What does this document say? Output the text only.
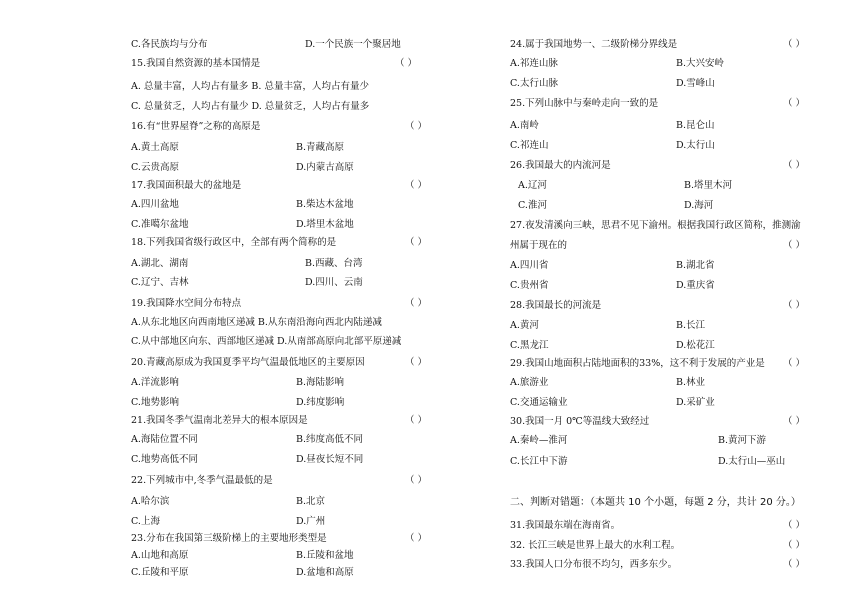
C.各民族均与分布	D.一个民族一个聚居地
15.我国自然资源的基本国情是	（ ）
A. 总量丰富，人均占有量多 B. 总量丰富，人均占有量少
C. 总量贫乏，人均占有量少 D. 总量贫乏，人均占有量多
16.有“世界屋脊”之称的高原是	（ ）
A.黄土高原	B.青藏高原
C.云贵高原	D.内蒙古高原
17.我国面积最大的盆地是	（ ）
A.四川盆地	B.柴达木盆地
C.准噶尔盆地	D.塔里木盆地
18.下列我国省级行政区中，全部有两个简称的是	（ ）
A.湖北、湖南	B.西藏、台湾
C.辽宁、吉林	D.四川、云南
19.我国降水空间分布特点	（ ）
A.从东北地区向西南地区递减 B.从东南沿海向西北内陆递减
C.从中部地区向东、西部地区递减 D.从南部高原向北部平原递减
20.青藏高原成为我国夏季平均气温最低地区的主要原因	（ ）
A.洋流影响	B.海陆影响
C.地势影响	D.纬度影响
21.我国冬季气温南北差异大的根本原因是	（ ）
A.海陆位置不同	B.纬度高低不同
C.地势高低不同	D.昼夜长短不同
22.下列城市中,冬季气温最低的是	（ ）
A.哈尔滨	B.北京
C.上海	D.广州
23.分布在我国第三级阶梯上的主要地形类型是	（ ）
A.山地和高原	B.丘陵和盆地
C.丘陵和平原	D.盆地和高原
24.属于我国地势一、二级阶梯分界线是	（ ）
A.祁连山脉	B.大兴安岭
C.太行山脉	D.雪峰山
25.下列山脉中与秦岭走向一致的是	（ ）
A.南岭	B.昆仑山
C.祁连山	D.太行山
26.我国最大的内流河是	（ ）
A.辽河	B.塔里木河
C.淮河	D.海河
27.夜发清溪向三峡，思君不见下渝州。根据我国行政区简称，推测渝
州属于现在的	（ ）
A.四川省	B.湖北省
C.贵州省	D.重庆省
28.我国最长的河流是	（ ）
A.黄河	B.长江
C.黑龙江	D.松花江
29.我国山地面积占陆地面积的33%，这不利于发展的产业是 （ ）
A.旅游业	B.林业
C.交通运输业	D.采矿业
30.我国一月 0℃等温线大致经过	（ ）
A.秦岭—淮河	B.黄河下游
C.长江中下游	D.太行山—巫山
二、判断对错题：（本题共 10 个小题，每题 2 分，共计 20 分。）
31.我国最东端在海南省。	（ ）
32. 长江三峡是世界上最大的水利工程。	（ ）
33.我国人口分布很不均匀，西多东少。	（ ）
